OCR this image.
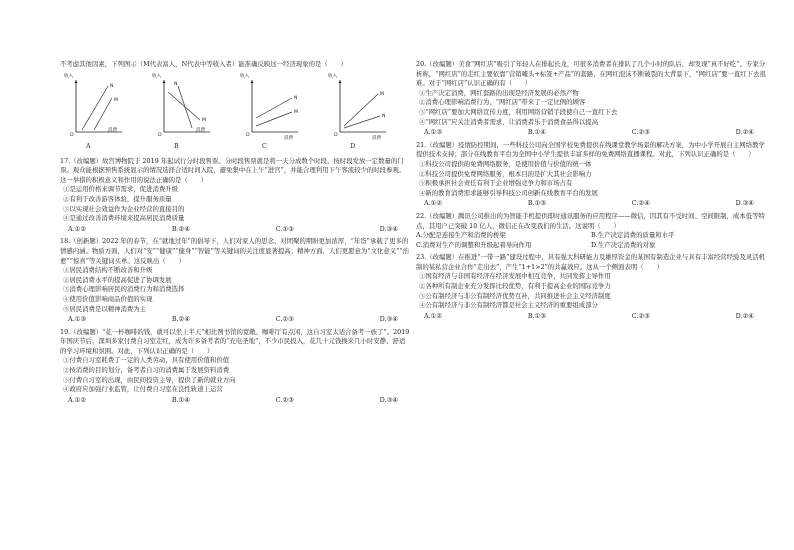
不考虑其他因素，下列图示（M代表富人，N代表中等收入者）能准确反映这一经济现象的是（　　）

收入
消费
O
N
M
收入
消费
O
N
M
收入
消费
O
N
M
收入
消费
O
M
N
A	B	C	D

17.（改编题）故宫博物院于 2019 年起试行分时段售票。分时段售票就是将一天分成数个时段，按时段发放一定数量的门票。观众能根据预售系统显示的情况选择合适时间入院，避免集中在上午“进宫”，并能合理利用下午客流较少的时段参观。这一举措的积极意义和作用的说法正确的是（　　）

①是运用价格来调节需求，促进消费升级

②有利于改善游客体验，提升服务质量

③以实现社会效益作为企业经营的直接目的

④是通过改善消费环境来提高居民消费质量

A.①②	B.②④	C.①③	D.③④

18.（创新题）2022 年的春节，在“就地过年”的倡导下，人们对家人的思念、对团聚的期盼更加浓厚，“年货”承载了更多的情感内涵。物质方面，人们对“安”“健康”“健身”“智能”等关键词的关注度显著提高；精神方面，人们更愿意为“文化意义”“治愈”“惊喜”等关键词买单。这反映出（　　）

①居民消费结构不断改善和升级

②居民消费水平的提高促进了协调发展

③消费心理影响居民的消费行为和消费选择

④使用价值影响商品价值的实现

⑤居民消费是以精神消费为主

A.①③	B.②④	C.②③	D.③④

19.（改编题）“花一杯咖啡的钱，就可以坐上半天”相比图书馆的宽敞、咖啡厅有点闲，这自习室太适合备考一族了”。2019 年国庆节后，深圳多家付费自习室走红，成为许多备考者的“充电圣地”，不少市民投入，花几十元钱换来几小时安静、舒适的学习环境和氛围。对此，下列认识正确的是（　　）

①付费自习室耗费了一定的人类劳动，具有使用价值和价值

②按消费的目的划分，备考者自习的消费属于发展资料消费

③付费自习室的出现，由民间投资主导，提供了新的就业方向

④政府应加强行业监管，让付费自习室在良性轨道上运营

A.①②	B.①④	C.②③	D.③④

20.（改编题）美食“网红店”吸引了年轻人在排起长龙，可很多消费者在排队了几个小时的队后，却发现“真不好吃”。专家分析称，“网红店”的走红主要依靠“营销噱头+标签+产品”的套路，在网红泡沫不断破裂的大背景下，“网红店”要一直红下去很难。对于“网红店”认识正确的有（　　）

①生产决定消费，网红套路的出现是经济发展的必然产物

②消费心理影响消费行为，“网红店”带来了一定比例的顾客

③“网红店”要加大网络宣传力度，利用网络营销手段使自己一直红下去

④“网红店”应关注消费者需求，让消费者乐于消费食品得以提高

A.①③	B.①④	C.②③	D.②④

21.（改编题）疫情防控期间，一些科技公司向全国学校免费提供在线课堂教学场景的解决方案，为中小学开展自主网络教学提供技术支持；部分在线教育平台为全国中小学生提供丰富多样的免费网络直播课程。对此，下列认识正确的是（　　）

①科技公司提供的免费网络服务，是使用价值与价值的统一体

②科技公司提供免费网络服务，根本目的是扩大其社会影响力

③积极承担社会责任有利于企业增强竞争力和市场占有

④新的教育消费需求能够引导科技公司创新在线教育平台的发展

A.①②	B.①③	C.②④	D.③④

22.（改编题）腾讯公司推出的为智能手机提供即时通讯服务的应用程序——微信，因其有不受时间、空间限制，成本低等特点，其用户已突破 10 亿人，微信正在改变我们的生活。这说明（　　）

A.分配是连接生产和消费的桥梁	B.生产决定消费的质量和水平
C.消费对生产的调整和升级起着导向作用	D.生产决定消费的对象

23.（改编题）在推进“一带一路”建设过程中，具有强大科研能力及雄厚资金的某国有制造企业与具有丰富经营经验及灵活机制的某私营企业合作“走出去”，产生“1+1>2”的共赢效应。这从一个侧面表明（　　）

①国有经济与非国有经济在经济发展中相互竞争，共同发挥主导作用

②各种所有制企业充分发挥比较优势，有利于提高企业的国际竞争力

③公有制经济与非公有制经济优势互补，共同推进社会主义经济制度

④公有制经济与非公有制经济都是社会主义经济的重要组成部分

A.①②	B.①③	C.②③	D.②④
